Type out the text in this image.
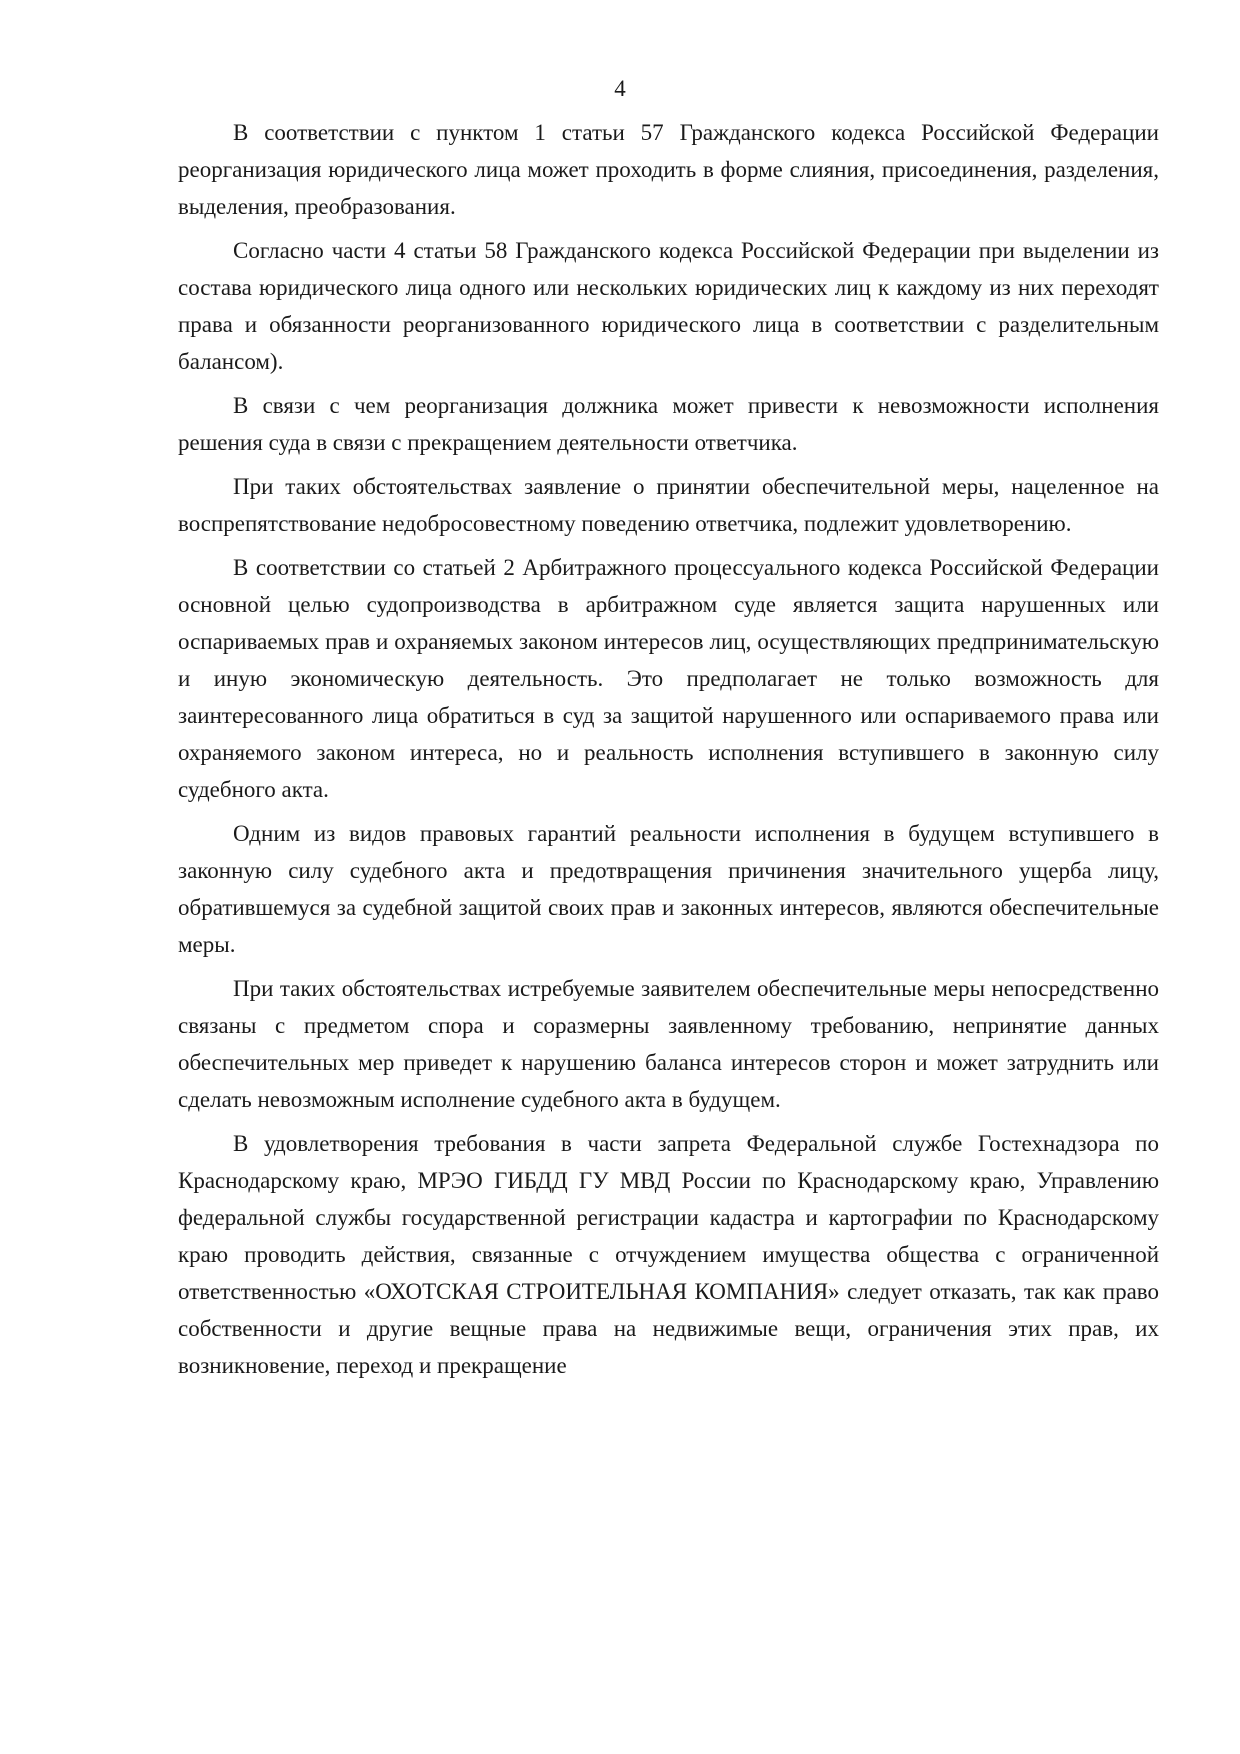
4

В соответствии с пунктом 1 статьи 57 Гражданского кодекса Российской Федерации реорганизация юридического лица может проходить в форме слияния, присоединения, разделения, выделения, преобразования.

Согласно части 4 статьи 58 Гражданского кодекса Российской Федерации при выделении из состава юридического лица одного или нескольких юридических лиц к каждому из них переходят права и обязанности реорганизованного юридического лица в соответствии с разделительным балансом).

В связи с чем реорганизация должника может привести к невозможности исполнения решения суда в связи с прекращением деятельности ответчика.

При таких обстоятельствах заявление о принятии обеспечительной меры, нацеленное на воспрепятствование недобросовестному поведению ответчика, подлежит удовлетворению.

В соответствии со статьей 2 Арбитражного процессуального кодекса Российской Федерации основной целью судопроизводства в арбитражном суде является защита нарушенных или оспариваемых прав и охраняемых законом интересов лиц, осуществляющих предпринимательскую и иную экономическую деятельность. Это предполагает не только возможность для заинтересованного лица обратиться в суд за защитой нарушенного или оспариваемого права или охраняемого законом интереса, но и реальность исполнения вступившего в законную силу судебного акта.

Одним из видов правовых гарантий реальности исполнения в будущем вступившего в законную силу судебного акта и предотвращения причинения значительного ущерба лицу, обратившемуся за судебной защитой своих прав и законных интересов, являются обеспечительные меры.

При таких обстоятельствах истребуемые заявителем обеспечительные меры непосредственно связаны с предметом спора и соразмерны заявленному требованию, непринятие данных обеспечительных мер приведет к нарушению баланса интересов сторон и может затруднить или сделать невозможным исполнение судебного акта в будущем.

В удовлетворения требования в части запрета Федеральной службе Гостехнадзора по Краснодарскому краю, МРЭО ГИБДД ГУ МВД России по Краснодарскому краю, Управлению федеральной службы государственной регистрации кадастра и картографии по Краснодарскому краю проводить действия, связанные с отчуждением имущества общества с ограниченной ответственностью «ОХОТСКАЯ СТРОИТЕЛЬНАЯ КОМПАНИЯ» следует отказать, так как право собственности и другие вещные права на недвижимые вещи, ограничения этих прав, их возникновение, переход и прекращение
